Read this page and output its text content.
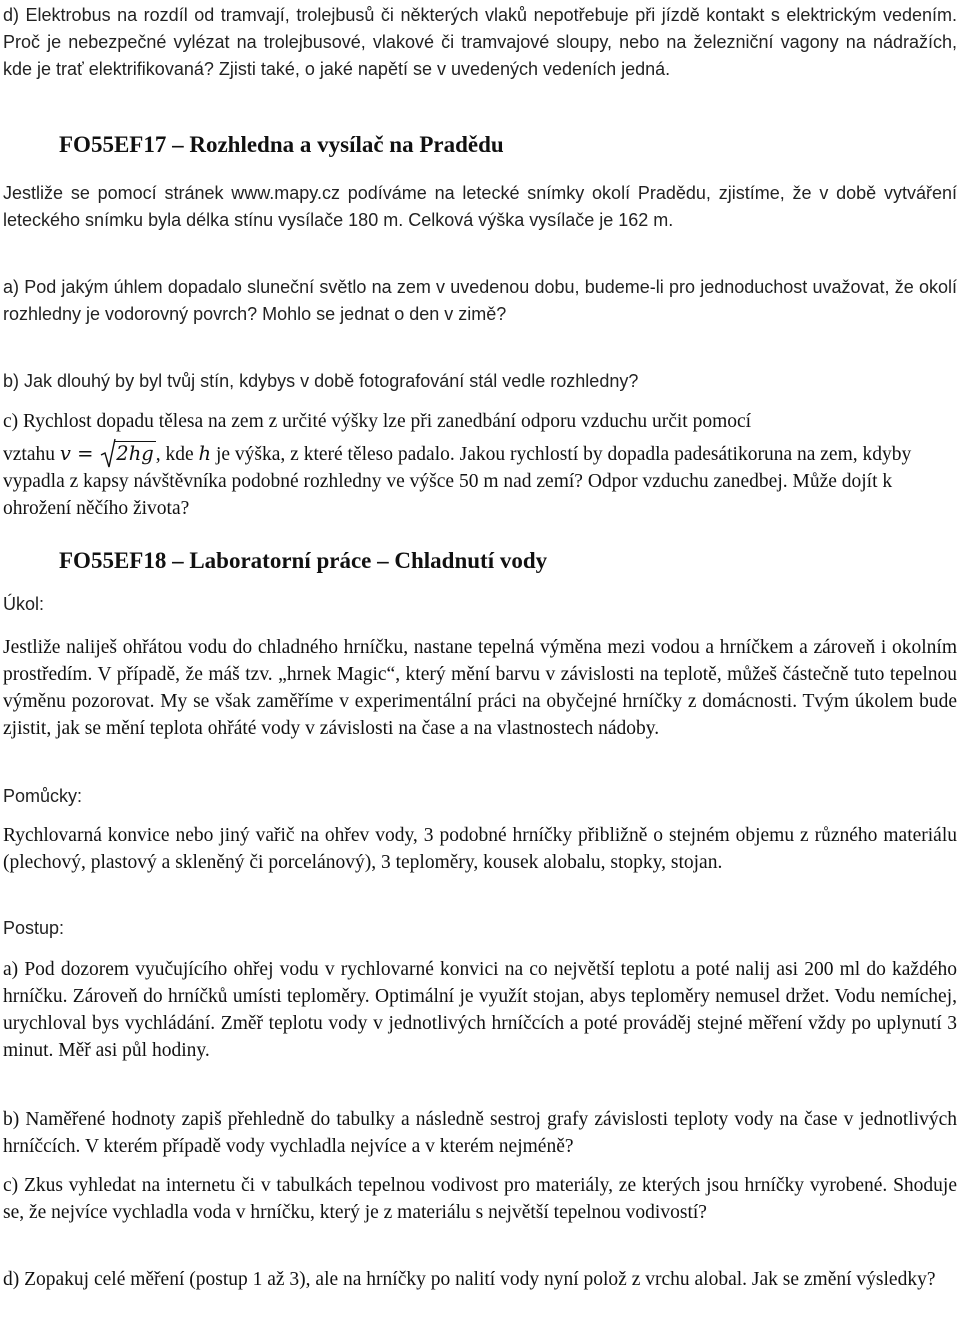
d) Elektrobus na rozdíl od tramvají, trolejbusů či některých vlaků nepotřebuje při jízdě kontakt s elektrickým vedením. Proč je nebezpečné vylézat na trolejbusové, vlakové či tramvajové sloupy, nebo na železniční vagony na nádražích, kde je trať elektrifikovaná? Zjisti také, o jaké napětí se v uvedených vedeních jedná.

FO55EF17 – Rozhledna a vysílač na Pradědu

Jestliže se pomocí stránek www.mapy.cz podíváme na letecké snímky okolí Pradědu, zjistíme, že v době vytváření leteckého snímku byla délka stínu vysílače 180 m. Celková výška vysílače je 162 m.

a) Pod jakým úhlem dopadalo sluneční světlo na zem v uvedenou dobu, budeme-li pro jednoduchost uvažovat, že okolí rozhledny je vodorovný povrch? Mohlo se jednat o den v zimě?

b) Jak dlouhý by byl tvůj stín, kdybys v době fotografování stál vedle rozhledny?

c) Rychlost dopadu tělesa na zem z určité výšky lze při zanedbání odporu vzduchu určit pomocí

vztahu v = 2hg , kde h je výška, z které těleso padalo. Jakou rychlostí by dopadla padesátikoruna na zem, kdyby vypadla z kapsy návštěvníka podobné rozhledny ve výšce 50 m nad zemí? Odpor vzduchu zanedbej. Může dojít k ohrožení něčího života?

FO55EF18 – Laboratorní práce – Chladnutí vody

Úkol:

Jestliže naliješ ohřátou vodu do chladného hrníčku, nastane tepelná výměna mezi vodou a hrníčkem a zároveň i okolním prostředím. V případě, že máš tzv. „hrnek Magic“, který mění barvu v závislosti na teplotě, můžeš částečně tuto tepelnou výměnu pozorovat. My se však zaměříme v experimentální práci na obyčejné hrníčky z domácnosti. Tvým úkolem bude zjistit, jak se mění teplota ohřáté vody v závislosti na čase a na vlastnostech nádoby.

Pomůcky:

Rychlovarná konvice nebo jiný vařič na ohřev vody, 3 podobné hrníčky přibližně o stejném objemu z různého materiálu (plechový, plastový a skleněný či porcelánový), 3 teploměry, kousek alobalu, stopky, stojan.

Postup:

a) Pod dozorem vyučujícího ohřej vodu v rychlovarné konvici na co největší teplotu a poté nalij asi 200 ml do každého hrníčku. Zároveň do hrníčků umísti teploměry. Optimální je využít stojan, abys teploměry nemusel držet. Vodu nemíchej, urychloval bys vychládání. Změř teplotu vody v jednotlivých hrníčcích a poté prováděj stejné měření vždy po uplynutí 3 minut. Měř asi půl hodiny.

b) Naměřené hodnoty zapiš přehledně do tabulky a následně sestroj grafy závislosti teploty vody na čase v jednotlivých hrníčcích. V kterém případě vody vychladla nejvíce a v kterém nejméně?

c) Zkus vyhledat na internetu či v tabulkách tepelnou vodivost pro materiály, ze kterých jsou hrníčky vyrobené. Shoduje se, že nejvíce vychladla voda v hrníčku, který je z materiálu s největší tepelnou vodivostí?

d) Zopakuj celé měření (postup 1 až 3), ale na hrníčky po nalití vody nyní polož z vrchu alobal. Jak se změní výsledky?
